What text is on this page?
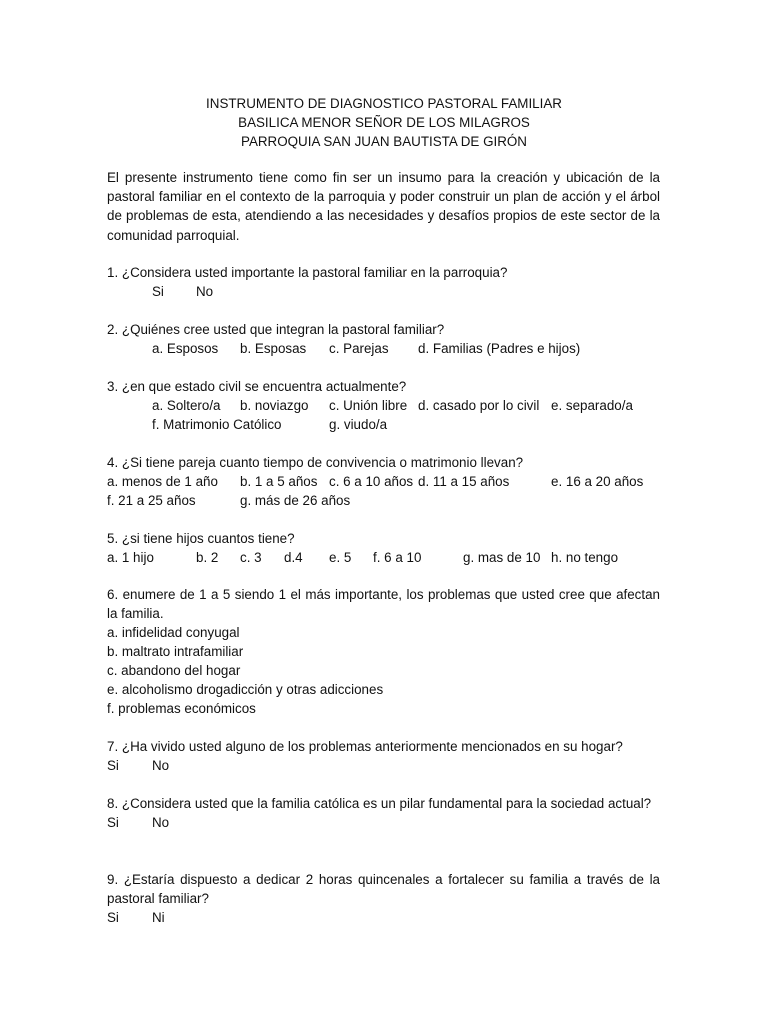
INSTRUMENTO DE DIAGNOSTICO PASTORAL FAMILIAR
BASILICA MENOR SEÑOR DE LOS MILAGROS
PARROQUIA SAN JUAN BAUTISTA DE GIRÓN
El presente instrumento tiene como fin ser un insumo para la creación y ubicación de la pastoral familiar en el contexto de la parroquia y poder construir un plan de acción y el árbol de problemas de esta, atendiendo a las necesidades y desafíos propios de este sector de la comunidad parroquial.
1. ¿Considera usted importante la pastoral familiar en la parroquia?
Si No
2. ¿Quiénes cree usted que integran la pastoral familiar?
a. Esposos b. Esposas c. Parejas d. Familias (Padres e hijos)
3. ¿en que estado civil se encuentra actualmente?
a. Soltero/a b. noviazgo c. Unión libre d. casado por lo civil e. separado/a
f. Matrimonio Católico	g. viudo/a
4. ¿Si tiene pareja cuanto tiempo de convivencia o matrimonio llevan?
a. menos de 1 año b. 1 a 5 años c. 6 a 10 años d. 11 a 15 años	e. 16 a 20 años
f. 21 a 25 años	g. más de 26 años
5. ¿si tiene hijos cuantos tiene?
a. 1 hijo	b. 2 c. 3 d.4 e. 5 f. 6 a 10	g. mas de 10 h. no tengo
6. enumere de 1 a 5 siendo 1 el más importante, los problemas que usted cree que afectan la familia.
a. infidelidad conyugal
b. maltrato intrafamiliar
c. abandono del hogar
e. alcoholismo drogadicción y otras adicciones
f. problemas económicos
7. ¿Ha vivido usted alguno de los problemas anteriormente mencionados en su hogar?
Si No
8. ¿Considera usted que la familia católica es un pilar fundamental para la sociedad actual?
Si No
9. ¿Estaría dispuesto a dedicar 2 horas quincenales a fortalecer su familia a través de la pastoral familiar?
Si Ni
